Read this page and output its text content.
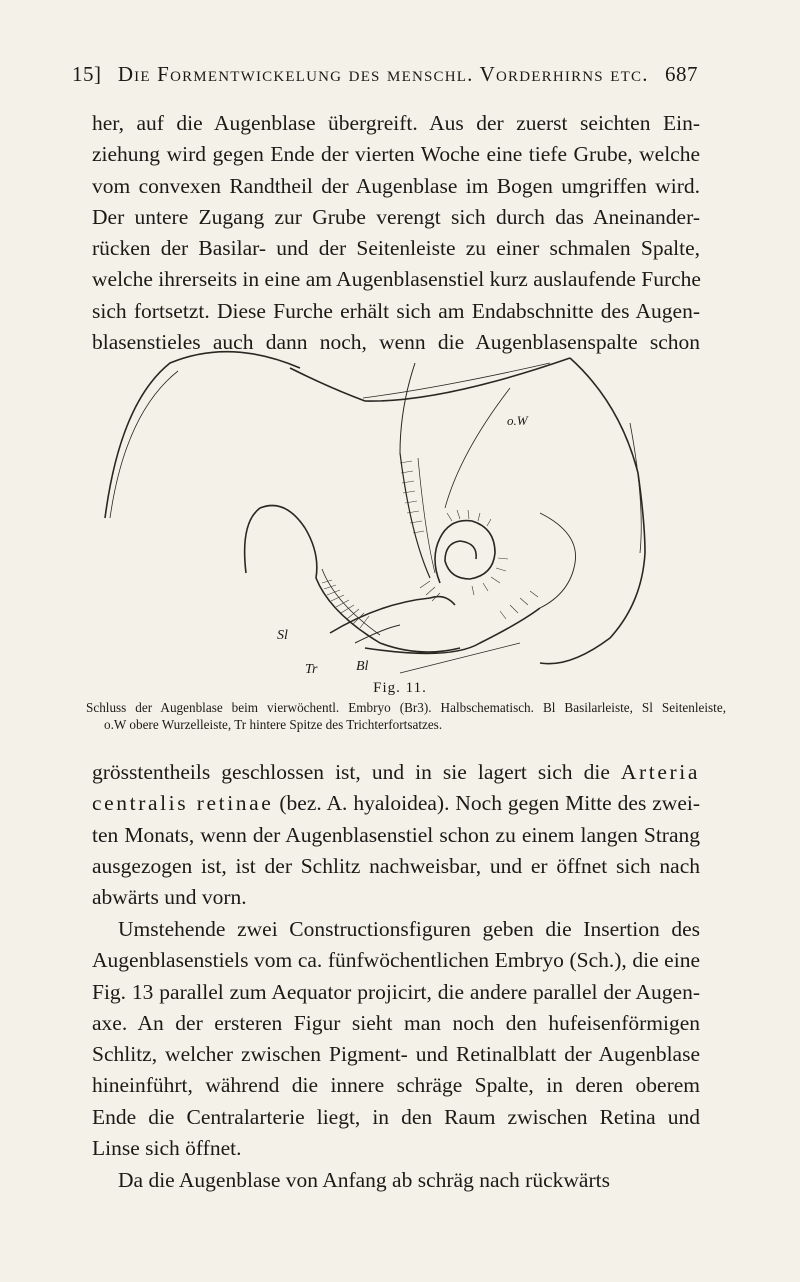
15] Die Formentwickelung des menschl. Vorderhirns etc. 687

her, auf die Augenblase übergreift. Aus der zuerst seichten Ein-
ziehung wird gegen Ende der vierten Woche eine tiefe Grube, welche
vom convexen Randtheil der Augenblase im Bogen umgriffen wird.
Der untere Zugang zur Grube verengt sich durch das Aneinander-
rücken der Basilar- und der Seitenleiste zu einer schmalen Spalte,
welche ihrerseits in eine am Augenblasenstiel kurz auslaufende Furche
sich fortsetzt. Diese Furche erhält sich am Endabschnitte des Augen-
blasenstieles auch dann noch, wenn die Augenblasenspalte schon

o.W
Sl
Tr	Bl
Fig. 11.
Schluss der Augenblase beim vierwöchentl. Embryo (Br3). Halbschematisch. Bl Basilarleiste, Sl Seitenleiste,
o.W obere Wurzelleiste, Tr hintere Spitze des Trichterfortsatzes.

grösstentheils geschlossen ist, und in sie lagert sich die Arteria
centralis retinae (bez. A. hyaloidea). Noch gegen Mitte des zwei-
ten Monats, wenn der Augenblasenstiel schon zu einem langen Strang
ausgezogen ist, ist der Schlitz nachweisbar, und er öffnet sich nach
abwärts und vorn.

Umstehende zwei Constructionsfiguren geben die Insertion des
Augenblasenstiels vom ca. fünfwöchentlichen Embryo (Sch.), die eine
Fig. 13 parallel zum Aequator projicirt, die andere parallel der Augen-
axe. An der ersteren Figur sieht man noch den hufeisenförmigen
Schlitz, welcher zwischen Pigment- und Retinalblatt der Augenblase
hineinführt, während die innere schräge Spalte, in deren oberem
Ende die Centralarterie liegt, in den Raum zwischen Retina und
Linse sich öffnet.

Da die Augenblase von Anfang ab schräg nach rückwärts
